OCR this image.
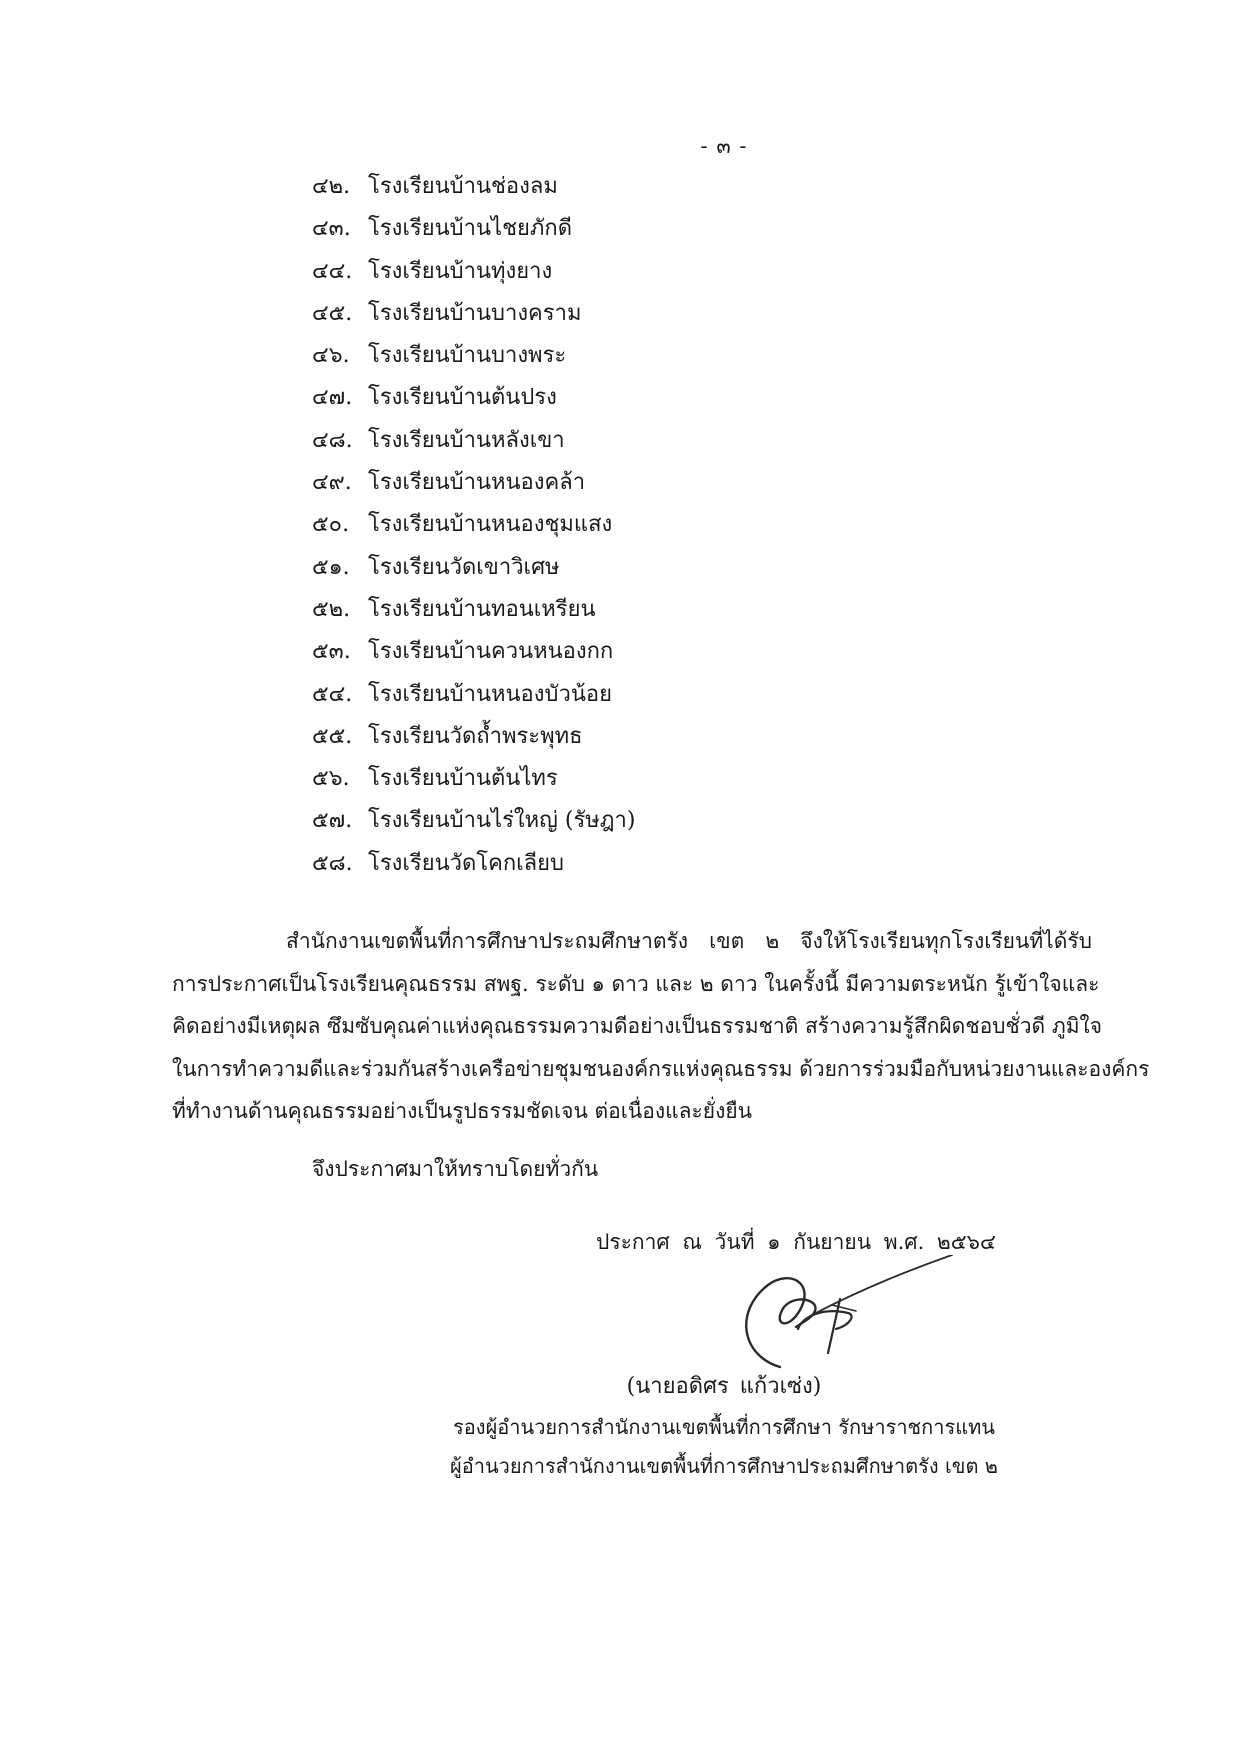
- ๓ -
๔๒. โรงเรียนบ้านช่องลม
๔๓. โรงเรียนบ้านไชยภักดี
๔๔. โรงเรียนบ้านทุ่งยาง
๔๕. โรงเรียนบ้านบางคราม
๔๖. โรงเรียนบ้านบางพระ
๔๗. โรงเรียนบ้านต้นปรง
๔๘. โรงเรียนบ้านหลังเขา
๔๙. โรงเรียนบ้านหนองคล้า
๕๐. โรงเรียนบ้านหนองชุมแสง
๕๑. โรงเรียนวัดเขาวิเศษ
๕๒. โรงเรียนบ้านทอนเหรียน
๕๓. โรงเรียนบ้านควนหนองกก
๕๔. โรงเรียนบ้านหนองบัวน้อย
๕๕. โรงเรียนวัดถ้ำพระพุทธ
๕๖. โรงเรียนบ้านต้นไทร
๕๗. โรงเรียนบ้านไร่ใหญ่ (รัษฎา)
๕๘. โรงเรียนวัดโคกเลียบ

สำนักงานเขตพื้นที่การศึกษาประถมศึกษาตรัง เขต ๒ จึงให้โรงเรียนทุกโรงเรียนที่ได้รับ
การประกาศเป็นโรงเรียนคุณธรรม สพฐ. ระดับ ๑ ดาว และ ๒ ดาว ในครั้งนี้ มีความตระหนัก รู้เข้าใจและ
คิดอย่างมีเหตุผล ซึมซับคุณค่าแห่งคุณธรรมความดีอย่างเป็นธรรมชาติ สร้างความรู้สึกผิดชอบชั่วดี ภูมิใจ
ในการทำความดีและร่วมกันสร้างเครือข่ายชุมชนองค์กรแห่งคุณธรรม ด้วยการร่วมมือกับหน่วยงานและองค์กร
ที่ทำงานด้านคุณธรรมอย่างเป็นรูปธรรมชัดเจน ต่อเนื่องและยั่งยืน

จึงประกาศมาให้ทราบโดยทั่วกัน
ประกาศ ณ วันที่ ๑ กันยายน พ.ศ. ๒๕๖๔
(นายอดิศร แก้วเซ่ง)
รองผู้อำนวยการสำนักงานเขตพื้นที่การศึกษา รักษาราชการแทน
ผู้อำนวยการสำนักงานเขตพื้นที่การศึกษาประถมศึกษาตรัง เขต ๒
